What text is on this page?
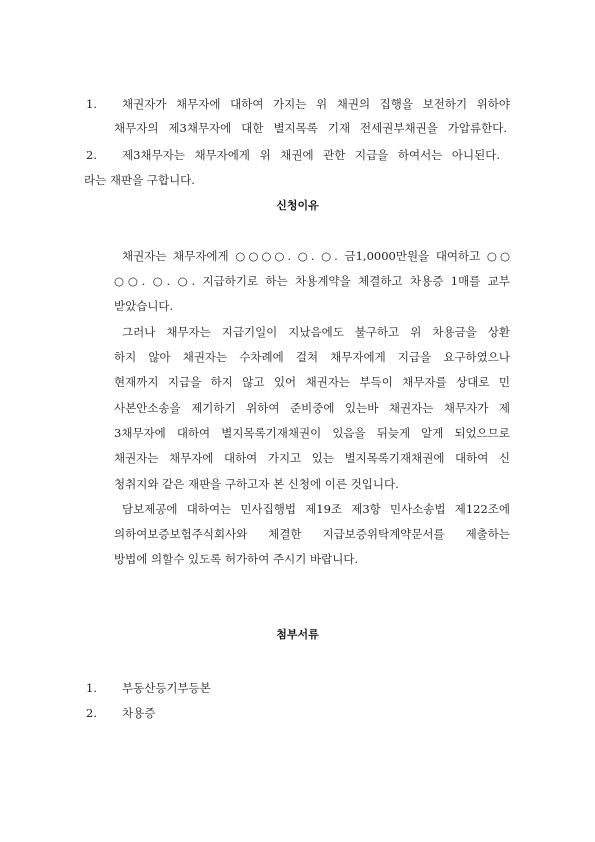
1. 채권자가 채무자에 대하여 가지는 위 채권의 집행을 보전하기 위하야
채무자의 제3채무자에 대한 별지목록 기재 전세권부채권을 가압류한다.
2. 제3채무자는 채무자에게 위 채권에 관한 지급을 하여서는 아니된다.
라는 재판을 구합니다.
신청이유
채권자는 채무자에게 ○○○○. ○. ○. 금1,0000만원을 대여하고 ○○
○○. ○. ○. 지급하기로 하는 차용계약을 체결하고 차용증 1매를 교부
받았습니다.
그러나 채무자는 지급기일이 지났음에도 불구하고 위 차용금을 상환
하지 않아 채권자는 수차례에 걸쳐 채무자에게 지급을 요구하였으나
현재까지 지급을 하지 않고 있어 채권자는 부득이 채무자를 상대로 민
사본안소송을 제기하기 위하여 준비중에 있는바 채권자는 채무자가 제
3채무자에 대하여 별지목록기재채권이 있음을 뒤늦게 알게 되었으므로
채권자는 채무자에 대하여 가지고 있는 별지목록기재채권에 대하여 신
청취지와 같은 재판을 구하고자 본 신청에 이른 것입니다.
담보제공에 대하여는 민사집행법 제19조 제3항 민사소송법 제122조에
의하여보증보험주식회사와 체결한 지급보증위탁계약문서를 제출하는
방법에 의할수 있도록 허가하여 주시기 바랍니다.
첨부서류
1. 부동산등기부등본
2. 차용증
